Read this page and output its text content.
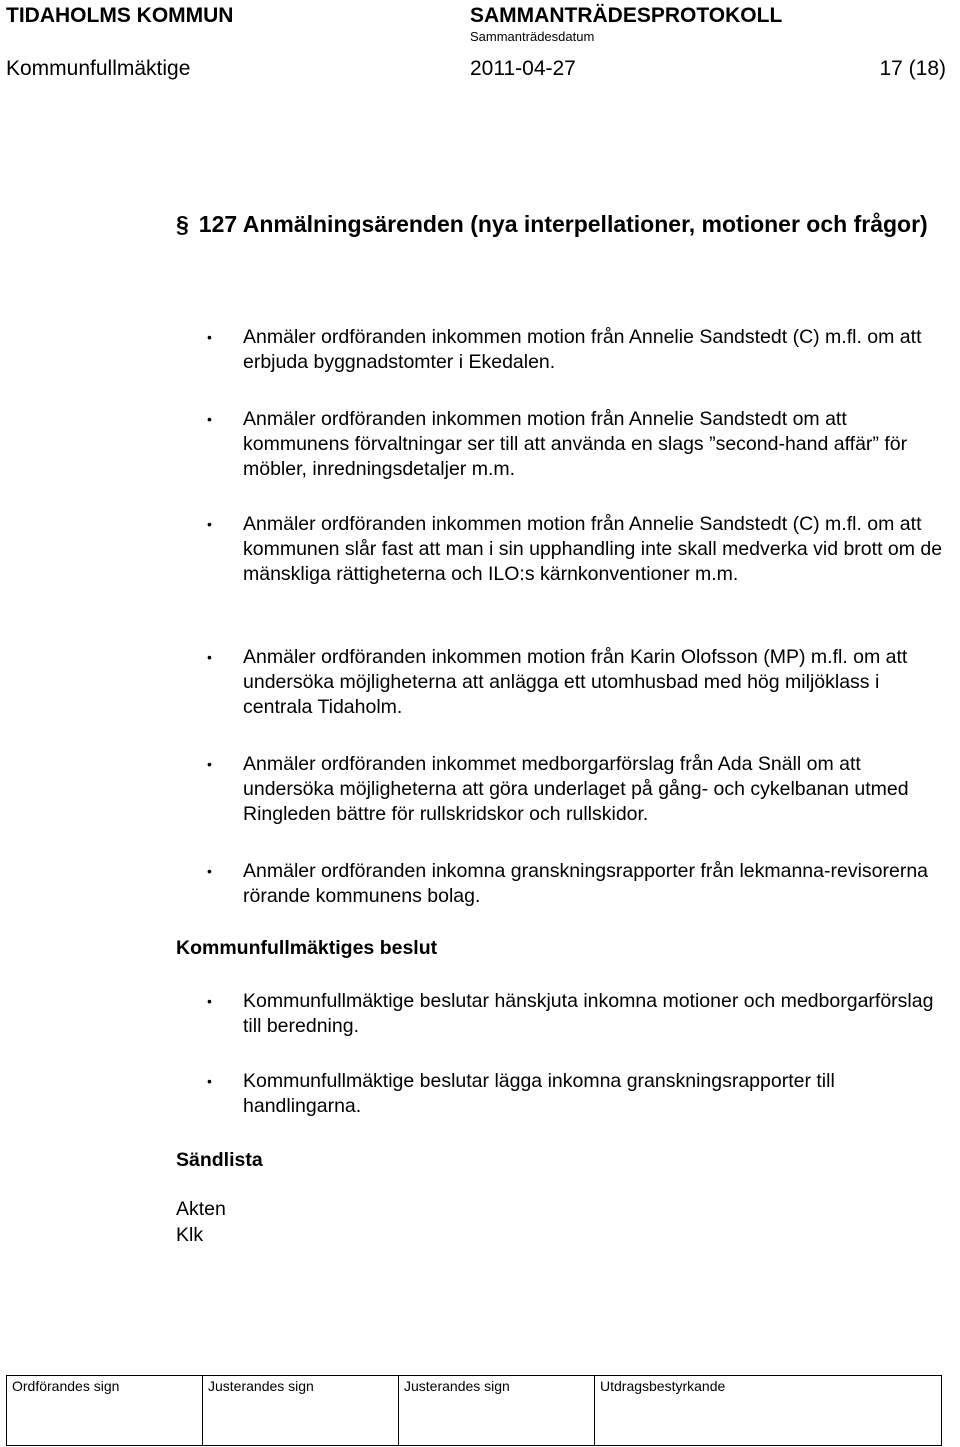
TIDAHOLMS KOMMUN	SAMMANTRÄDESPROTOKOLL
Sammanträdesdatum
Kommunfullmäktige	2011-04-27	17 (18)
§ 127 Anmälningsärenden (nya interpellationer, motioner och frågor)
• Anmäler ordföranden inkommen motion från Annelie Sandstedt (C) m.fl. om att erbjuda byggnadstomter i Ekedalen.
• Anmäler ordföranden inkommen motion från Annelie Sandstedt om att kommunens förvaltningar ser till att använda en slags ”second-hand affär” för möbler, inredningsdetaljer m.m.
• Anmäler ordföranden inkommen motion från Annelie Sandstedt (C) m.fl. om att kommunen slår fast att man i sin upphandling inte skall medverka vid brott om de mänskliga rättigheterna och ILO:s kärnkonventioner m.m.
• Anmäler ordföranden inkommen motion från Karin Olofsson (MP) m.fl. om att undersöka möjligheterna att anlägga ett utomhusbad med hög miljöklass i centrala Tidaholm.
• Anmäler ordföranden inkommet medborgarförslag från Ada Snäll om att undersöka möjligheterna att göra underlaget på gång- och cykelbanan utmed Ringleden bättre för rullskridskor och rullskidor.
• Anmäler ordföranden inkomna granskningsrapporter från lekmanna-revisorerna rörande kommunens bolag.
Kommunfullmäktiges beslut
• Kommunfullmäktige beslutar hänskjuta inkomna motioner och medborgarförslag till beredning.
• Kommunfullmäktige beslutar lägga inkomna granskningsrapporter till handlingarna.
Sändlista
Akten
Klk
Ordförandes sign	Justerandes sign	Justerandes sign	Utdragsbestyrkande
